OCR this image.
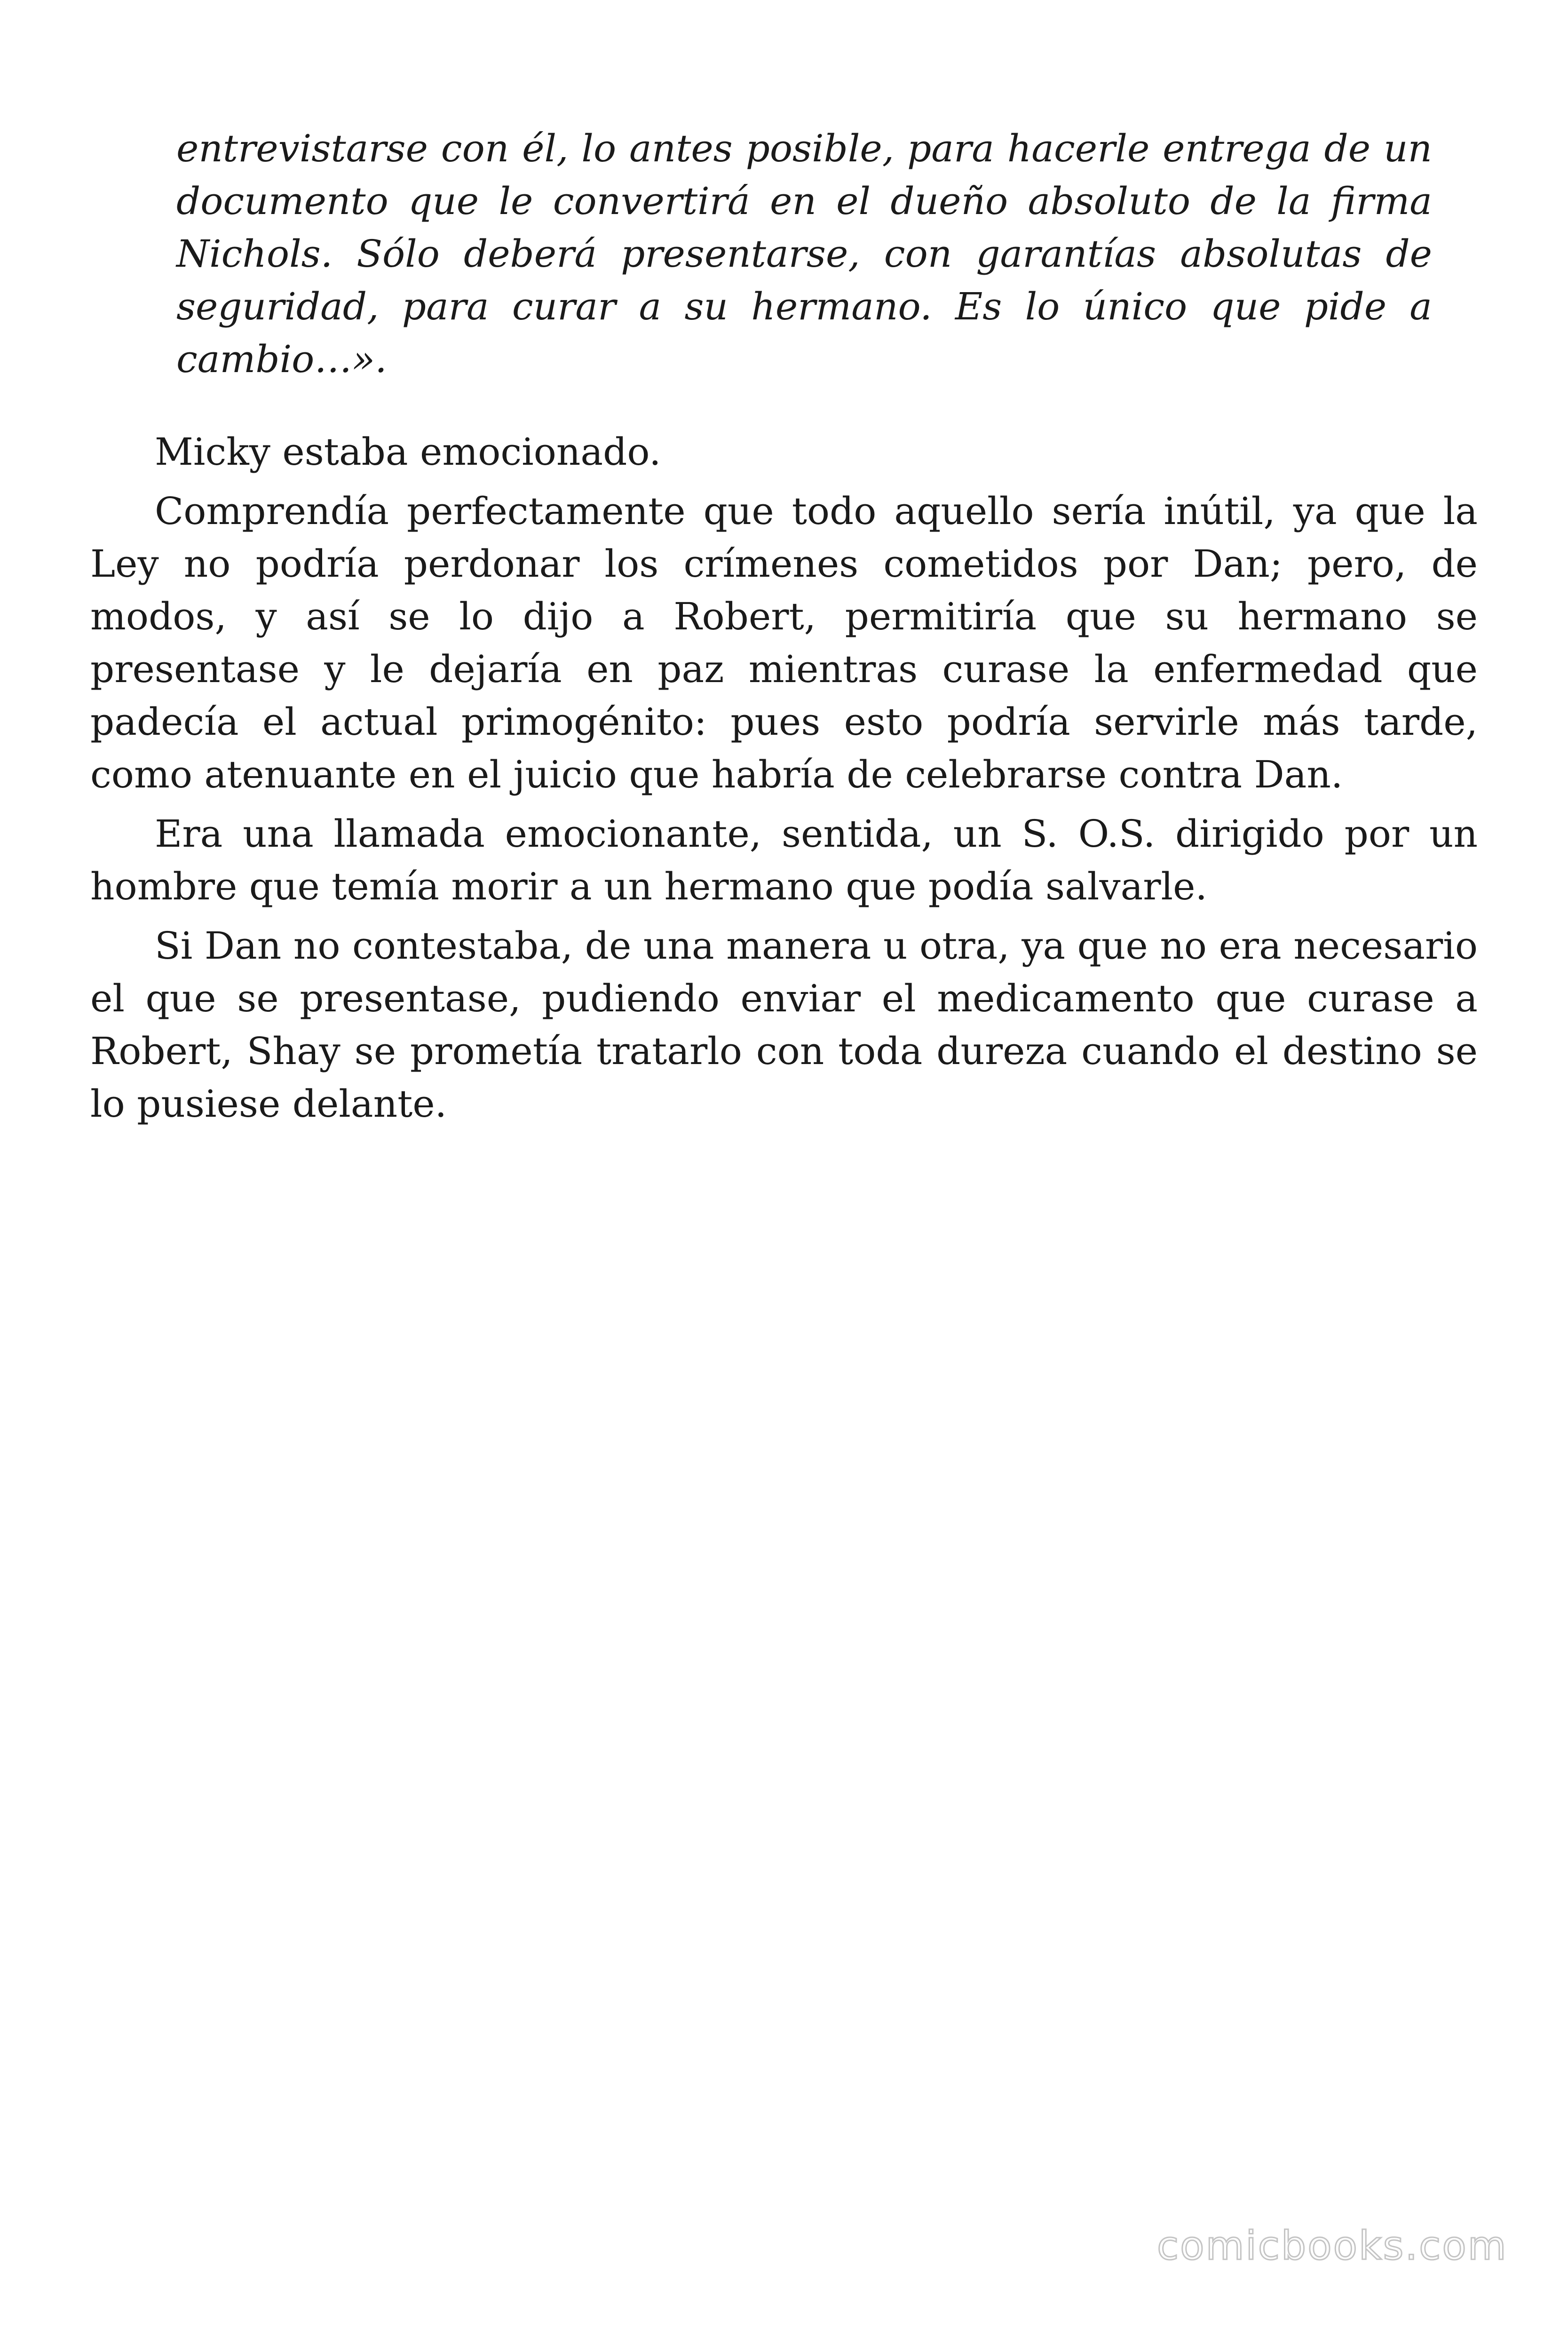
entrevistarse con él, lo antes posible, para hacerle entrega de un documento que le convertirá en el dueño absoluto de la firma Nichols. Sólo deberá presentarse, con garantías absolutas de seguridad, para curar a su hermano. Es lo único que pide a cambio…».

Micky estaba emocionado.

Comprendía perfectamente que todo aquello sería inútil, ya que la Ley no podría perdonar los crímenes cometidos por Dan; pero, de modos, y así se lo dijo a Robert, permitiría que su hermano se presentase y le dejaría en paz mientras curase la enfermedad que padecía el actual primogénito: pues esto podría servirle más tarde, como atenuante en el juicio que habría de celebrarse contra Dan.

Era una llamada emocionante, sentida, un S. O.S. dirigido por un hombre que temía morir a un hermano que podía salvarle.

Si Dan no contestaba, de una manera u otra, ya que no era necesario el que se presentase, pudiendo enviar el medicamento que curase a Robert, Shay se prometía tratarlo con toda dureza cuando el destino se lo pusiese delante.

comicbooks.com
